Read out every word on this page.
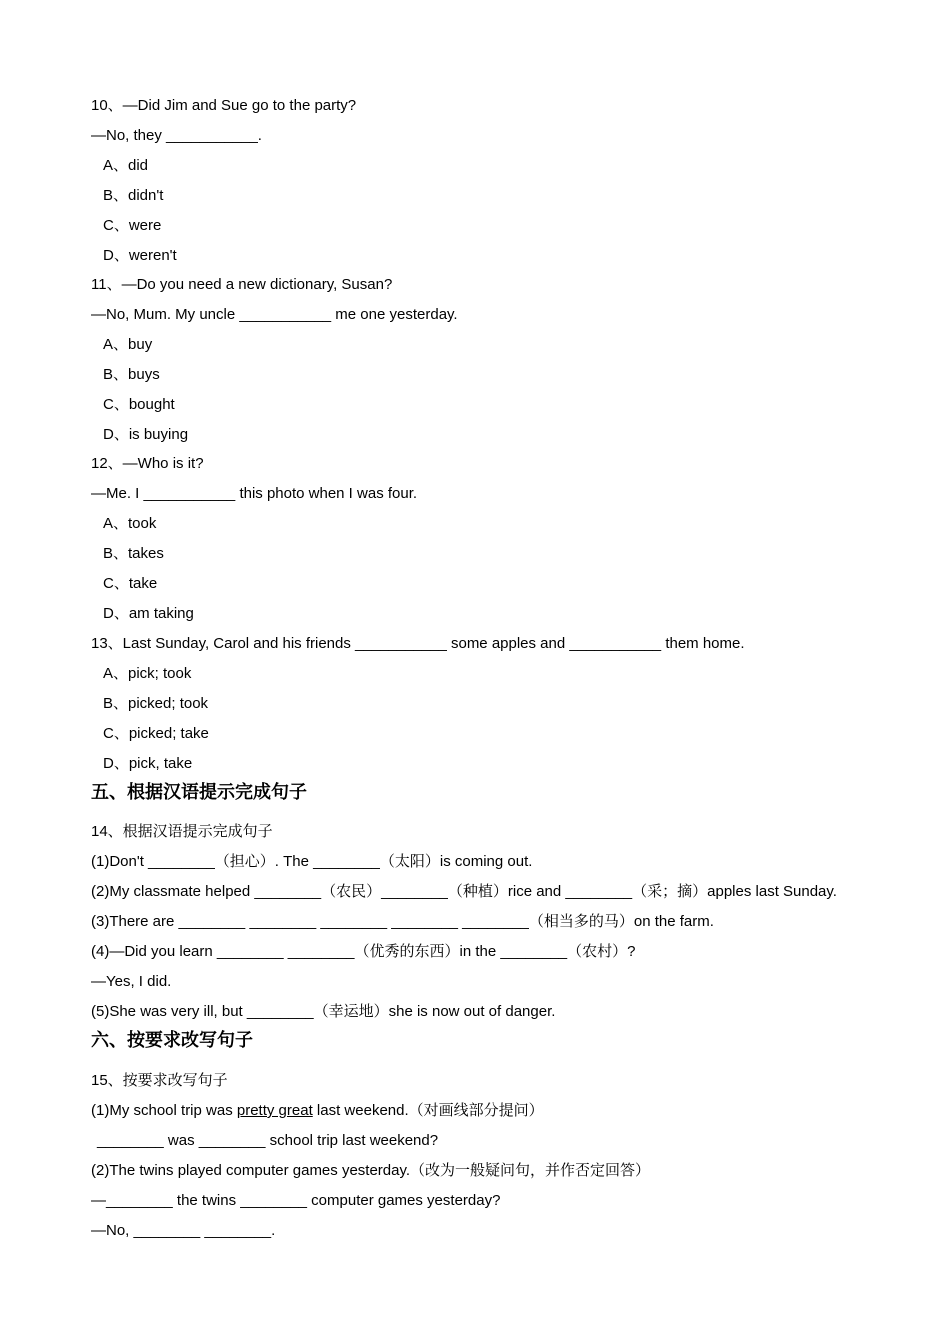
10、—Did Jim and Sue go to the party?
—No, they ___________.
A、did
B、didn't
C、were
D、weren't
11、—Do you need a new dictionary, Susan?
—No, Mum. My uncle ___________ me one yesterday.
A、buy
B、buys
C、bought
D、is buying
12、—Who is it?
—Me. I ___________ this photo when I was four.
A、took
B、takes
C、take
D、am taking
13、Last Sunday, Carol and his friends ___________ some apples and ___________ them home.
A、pick; took
B、picked; took
C、picked; take
D、pick, take
五、根据汉语提示完成句子
14、根据汉语提示完成句子
(1)Don't ________（担心）. The ________（太阳）is coming out.
(2)My classmate helped ________（农民）________（种植）rice and ________（采；摘）apples last Sunday.
(3)There are ________ ________ ________ ________ ________（相当多的马）on the farm.
(4)—Did you learn ________ ________（优秀的东西）in the ________（农村）?
—Yes, I did.
(5)She was very ill, but ________（幸运地）she is now out of danger.
六、按要求改写句子
15、按要求改写句子
(1)My school trip was pretty great last weekend.（对画线部分提问）
________ was ________ school trip last weekend?
(2)The twins played computer games yesterday.（改为一般疑问句，并作否定回答）
—________ the twins ________ computer games yesterday?
—No, ________ ________.
